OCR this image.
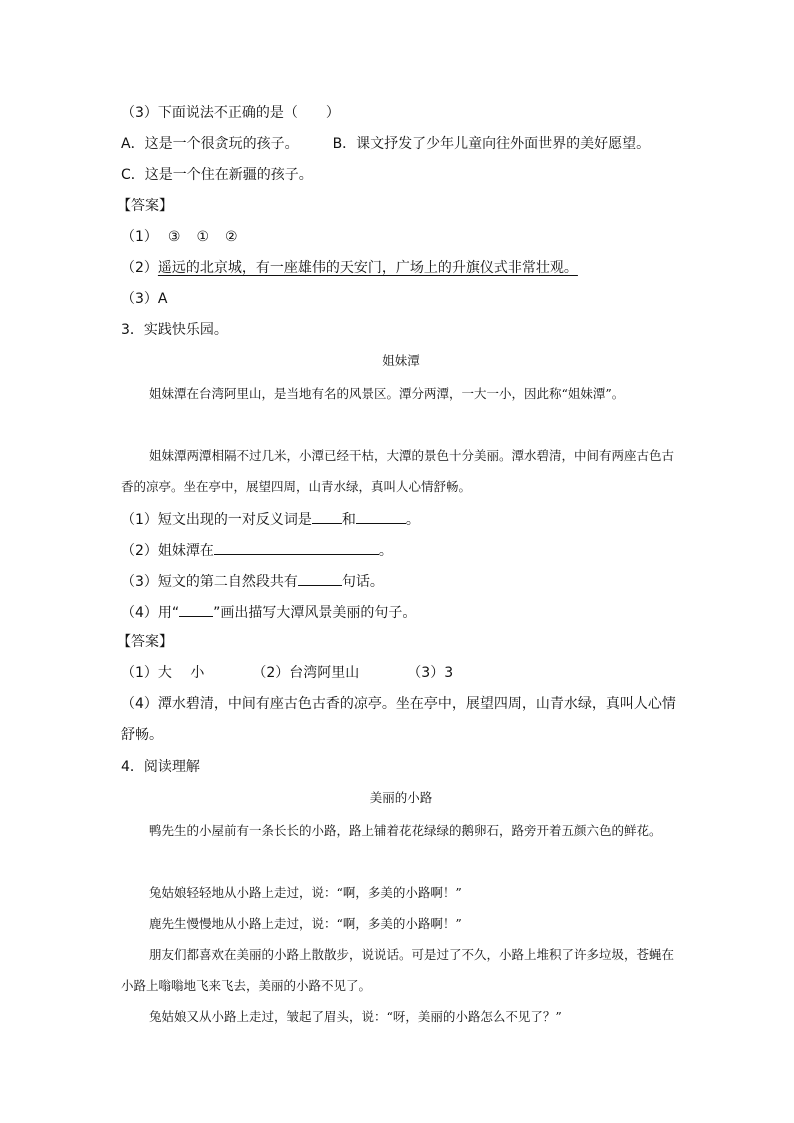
（3）下面说法不正确的是（　　）
A．这是一个很贪玩的孩子。 B．课文抒发了少年儿童向往外面世界的美好愿望。
C．这是一个住在新疆的孩子。
【答案】
（1） ③ ① ②
（2）遥远的北京城，有一座雄伟的天安门，广场上的升旗仪式非常壮观。
（3）A
3．实践快乐园。
姐妹潭
姐妹潭在台湾阿里山，是当地有名的风景区。潭分两潭，一大一小，因此称“姐妹潭”。
姐妹潭两潭相隔不过几米，小潭已经干枯，大潭的景色十分美丽。潭水碧清，中间有两座古色古香的凉亭。坐在亭中，展望四周，山青水绿，真叫人心情舒畅。
（1）短文出现的一对反义词是 和	。
（2）姐妹潭在	。
（3）短文的第二自然段共有	句话。
（4）用“ ”画出描写大潭风景美丽的句子。
【答案】
（1）大　 小	（2）台湾阿里山	（3）3
（4）潭水碧清，中间有座古色古香的凉亭。坐在亭中，展望四周，山青水绿，真叫人心情舒畅。
4．阅读理解
美丽的小路
鸭先生的小屋前有一条长长的小路，路上铺着花花绿绿的鹅卵石，路旁开着五颜六色的鲜花。
兔姑娘轻轻地从小路上走过，说：“啊，多美的小路啊！”
鹿先生慢慢地从小路上走过，说：“啊，多美的小路啊！”
朋友们都喜欢在美丽的小路上散散步，说说话。可是过了不久，小路上堆积了许多垃圾，苍蝇在小路上嗡嗡地飞来飞去，美丽的小路不见了。
兔姑娘又从小路上走过，皱起了眉头，说：“呀，美丽的小路怎么不见了？”
